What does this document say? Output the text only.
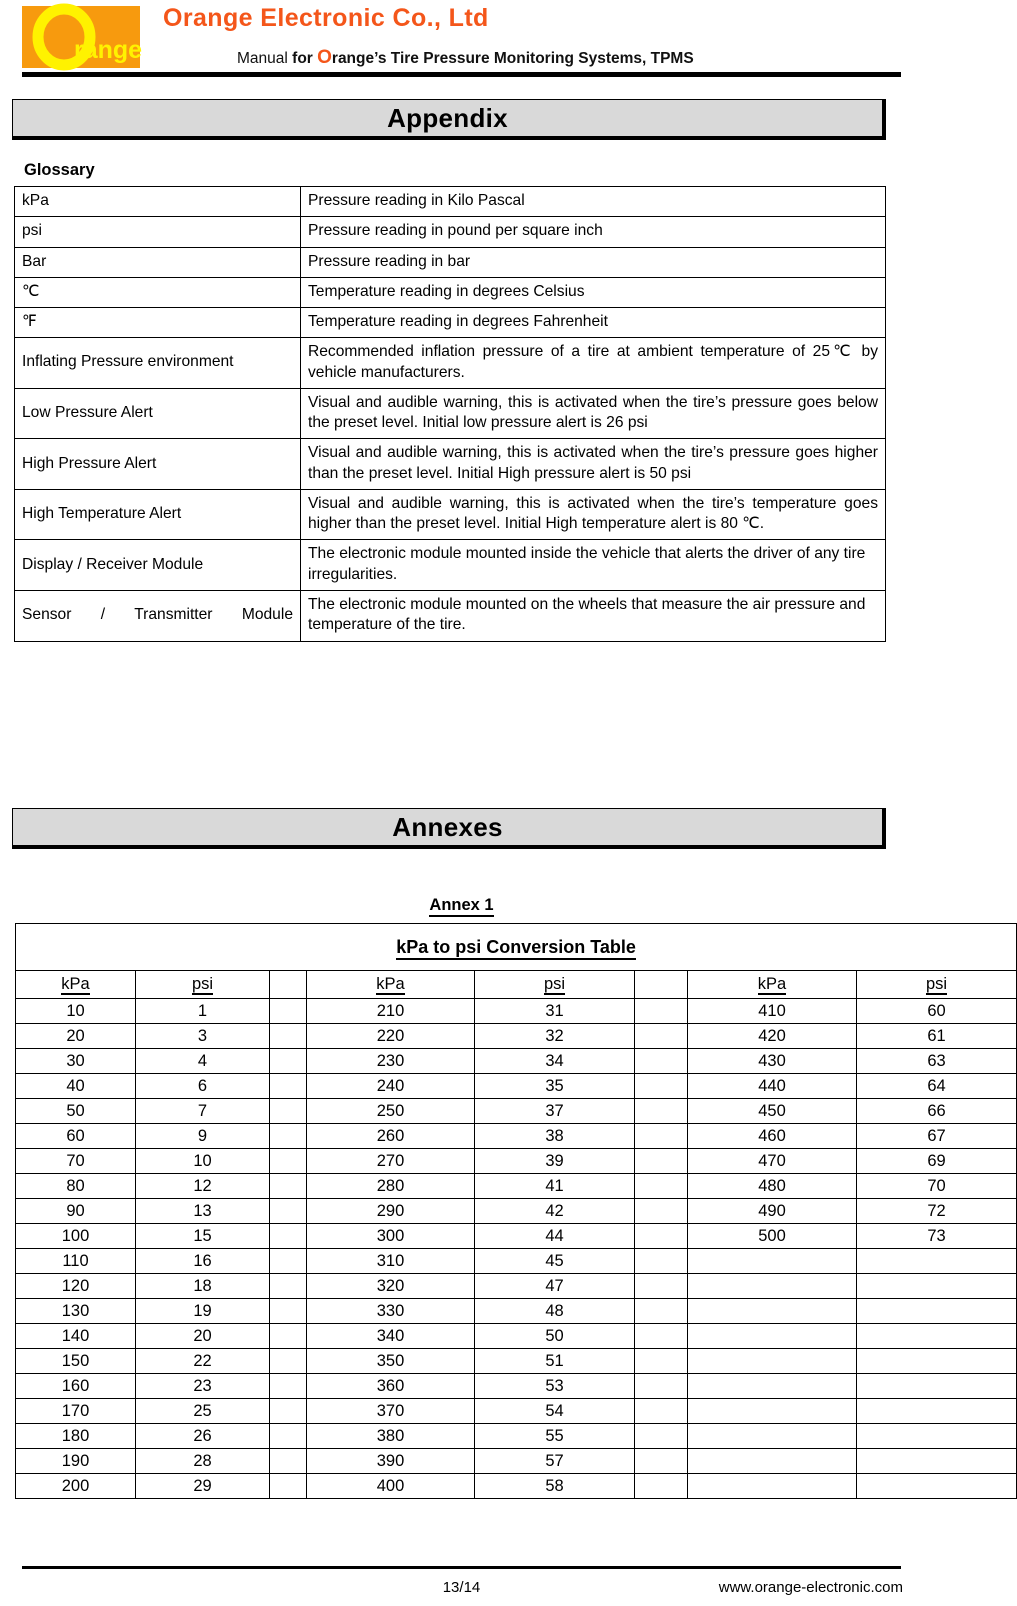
range
Orange Electronic Co., Ltd
Manual for Orange’s Tire Pressure Monitoring Systems, TPMS
Appendix
Glossary
kPa	Pressure reading in Kilo Pascal
psi	Pressure reading in pound per square inch
Bar	Pressure reading in bar
℃	Temperature reading in degrees Celsius
℉	Temperature reading in degrees Fahrenheit
Inflating Pressure environment	Recommended inflation pressure of a tire at ambient temperature of 25℃ by vehicle manufacturers.
Low Pressure Alert	Visual and audible warning, this is activated when the tire’s pressure goes below the preset level. Initial low pressure alert is 26 psi
High Pressure Alert	Visual and audible warning, this is activated when the tire’s pressure goes higher than the preset level. Initial High pressure alert is 50 psi
High Temperature Alert	Visual and audible warning, this is activated when the tire’s temperature goes higher than the preset level. Initial High temperature alert is 80 ℃.
Display / Receiver Module	The electronic module mounted inside the vehicle that alerts the driver of any tire irregularities.
Sensor / Transmitter Module	The electronic module mounted on the wheels that measure the air pressure and temperature of the tire.
Annexes
Annex 1
kPa to psi Conversion Table							
kPa	psi		kPa	psi		kPa	psi
10	1		210	31		410	60
20	3		220	32		420	61
30	4		230	34		430	63
40	6		240	35		440	64
50	7		250	37		450	66
60	9		260	38		460	67
70	10		270	39		470	69
80	12		280	41		480	70
90	13		290	42		490	72
100	15		300	44		500	73
110	16		310	45			
120	18		320	47			
130	19		330	48			
140	20		340	50			
150	22		350	51			
160	23		360	53			
170	25		370	54			
180	26		380	55			
190	28		390	57			
200	29		400	58			
13/14	www.orange-electronic.com
